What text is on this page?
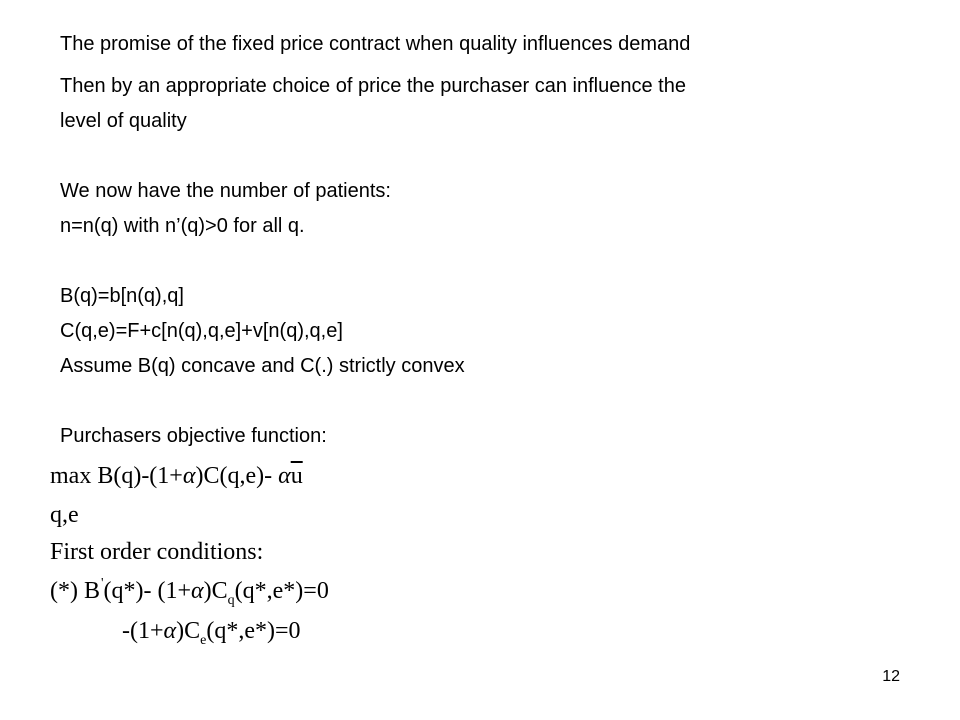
The promise of the fixed price contract when quality influences demand
Then by an appropriate choice of price the purchaser can influence the
level of quality
We now have the number of patients:
n=n(q) with n’(q)>0 for all q.
B(q)=b[n(q),q]
C(q,e)=F+c[n(q),q,e]+v[n(q),q,e]
Assume B(q) concave and C(.) strictly convex
Purchasers objective function:
max B(q)-(1+α)C(q,e)- $\alpha\overline{u}$
q,e
First order conditions:
(*) B'(q*)- $(1+\alpha)C_q(q*,e*)=0$
$-(1+\alpha)C_e(q*,e*)=0$
12
